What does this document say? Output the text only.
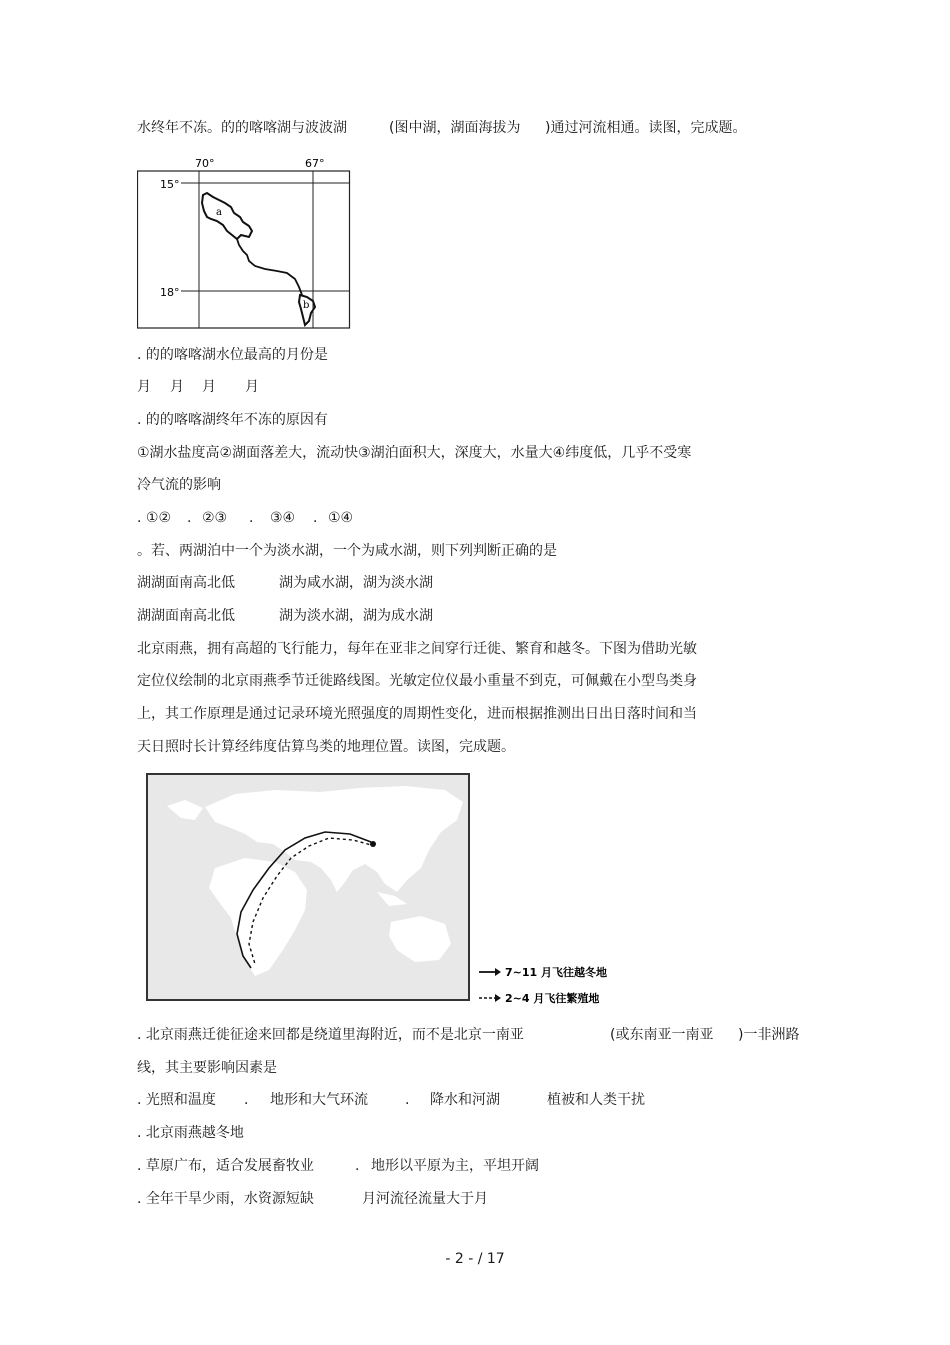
水终年不冻。的的喀喀湖与波波湖	(图中湖，湖面海拔为 )通过河流相通。读图，完成题。
70°	67°
15°
18°
a
b
. 的的喀喀湖水位最高的月份是
月 月 月 月
. 的的喀喀湖终年不冻的原因有
①湖水盐度高②湖面落差大，流动快③湖泊面积大，深度大，水量大④纬度低，几乎不受寒
冷气流的影响
. ①② . ②③ . ③④ . ①④
。若、两湖泊中一个为淡水湖，一个为咸水湖，则下列判断正确的是
湖湖面南高北低	湖为咸水湖，湖为淡水湖
湖湖面南高北低	湖为淡水湖，湖为成水湖
北京雨燕，拥有高超的飞行能力，每年在亚非之间穿行迁徙、繁育和越冬。下图为借助光敏
定位仪绘制的北京雨燕季节迁徙路线图。光敏定位仪最小重量不到克，可佩戴在小型鸟类身
上，其工作原理是通过记录环境光照强度的周期性变化，进而根据推测出日出日落时间和当
天日照时长计算经纬度估算鸟类的地理位置。读图，完成题。
7~11 月飞往越冬地
2~4 月飞往繁殖地
. 北京雨燕迁徙征途来回都是绕道里海附近，而不是北京一南亚	(或东南亚一南亚 )一非洲路
线，其主要影响因素是
. 光照和温度 . 地形和大气环流	. 降水和河湖	植被和人类干扰
. 北京雨燕越冬地
. 草原广布，适合发展畜牧业	. 地形以平原为主，平坦开阔
. 全年干旱少雨，水资源短缺	月河流径流量大于月
- 2 - / 17
